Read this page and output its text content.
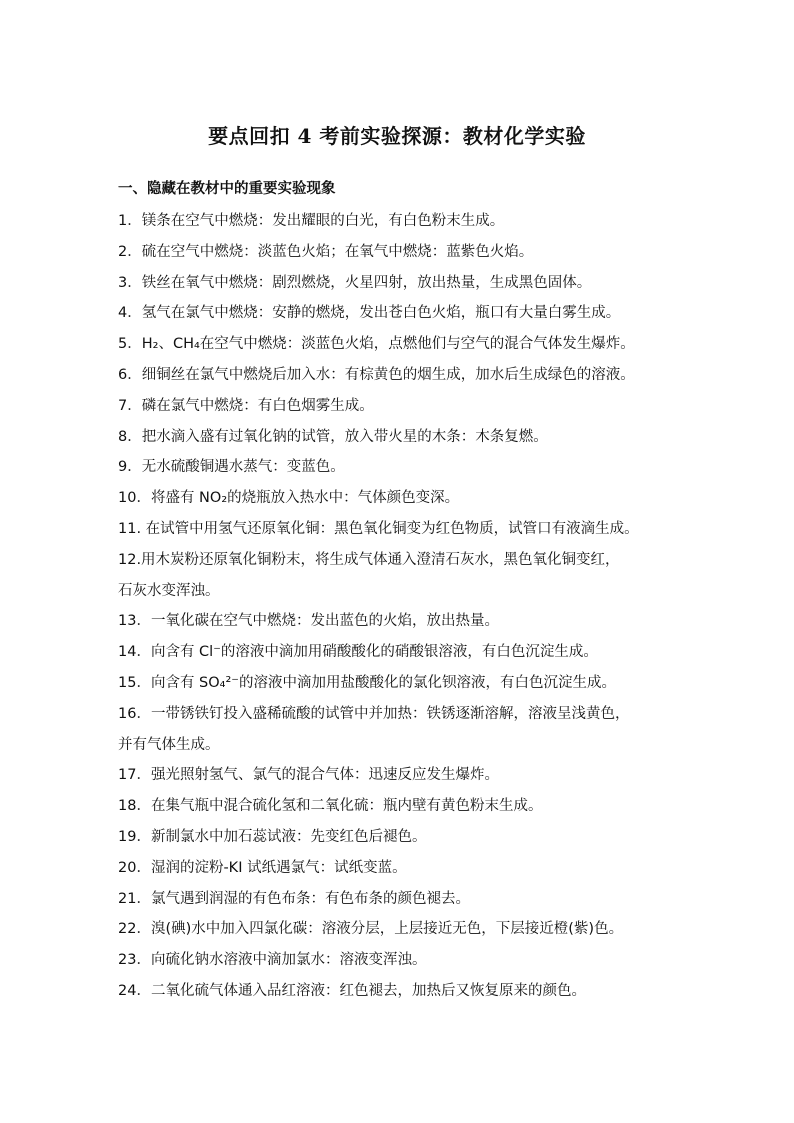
要点回扣 4 考前实验探源：教材化学实验
一、隐藏在教材中的重要实验现象
1．镁条在空气中燃烧：发出耀眼的白光，有白色粉末生成。
2．硫在空气中燃烧：淡蓝色火焰；在氧气中燃烧：蓝紫色火焰。
3．铁丝在氧气中燃烧：剧烈燃烧，火星四射，放出热量，生成黑色固体。
4．氢气在氯气中燃烧：安静的燃烧，发出苍白色火焰，瓶口有大量白雾生成。
5．H₂、CH₄在空气中燃烧：淡蓝色火焰，点燃他们与空气的混合气体发生爆炸。
6．细铜丝在氯气中燃烧后加入水：有棕黄色的烟生成，加水后生成绿色的溶液。
7．磷在氯气中燃烧：有白色烟雾生成。
8．把水滴入盛有过氧化钠的试管，放入带火星的木条：木条复燃。
9．无水硫酸铜遇水蒸气：变蓝色。
10．将盛有 NO₂的烧瓶放入热水中：气体颜色变深。
11. 在试管中用氢气还原氧化铜：黑色氧化铜变为红色物质，试管口有液滴生成。
12.用木炭粉还原氧化铜粉末，将生成气体通入澄清石灰水，黑色氧化铜变红，
石灰水变浑浊。
13．一氧化碳在空气中燃烧：发出蓝色的火焰，放出热量。
14．向含有 Cl⁻的溶液中滴加用硝酸酸化的硝酸银溶液，有白色沉淀生成。
15．向含有 SO₄²⁻的溶液中滴加用盐酸酸化的氯化钡溶液，有白色沉淀生成。
16．一带锈铁钉投入盛稀硫酸的试管中并加热：铁锈逐渐溶解，溶液呈浅黄色，
并有气体生成。
17．强光照射氢气、氯气的混合气体：迅速反应发生爆炸。
18．在集气瓶中混合硫化氢和二氧化硫：瓶内壁有黄色粉末生成。
19．新制氯水中加石蕊试液：先变红色后褪色。
20．湿润的淀粉-KI 试纸遇氯气：试纸变蓝。
21．氯气遇到润湿的有色布条：有色布条的颜色褪去。
22．溴(碘)水中加入四氯化碳：溶液分层，上层接近无色，下层接近橙(紫)色。
23．向硫化钠水溶液中滴加氯水：溶液变浑浊。
24．二氧化硫气体通入品红溶液：红色褪去，加热后又恢复原来的颜色。
